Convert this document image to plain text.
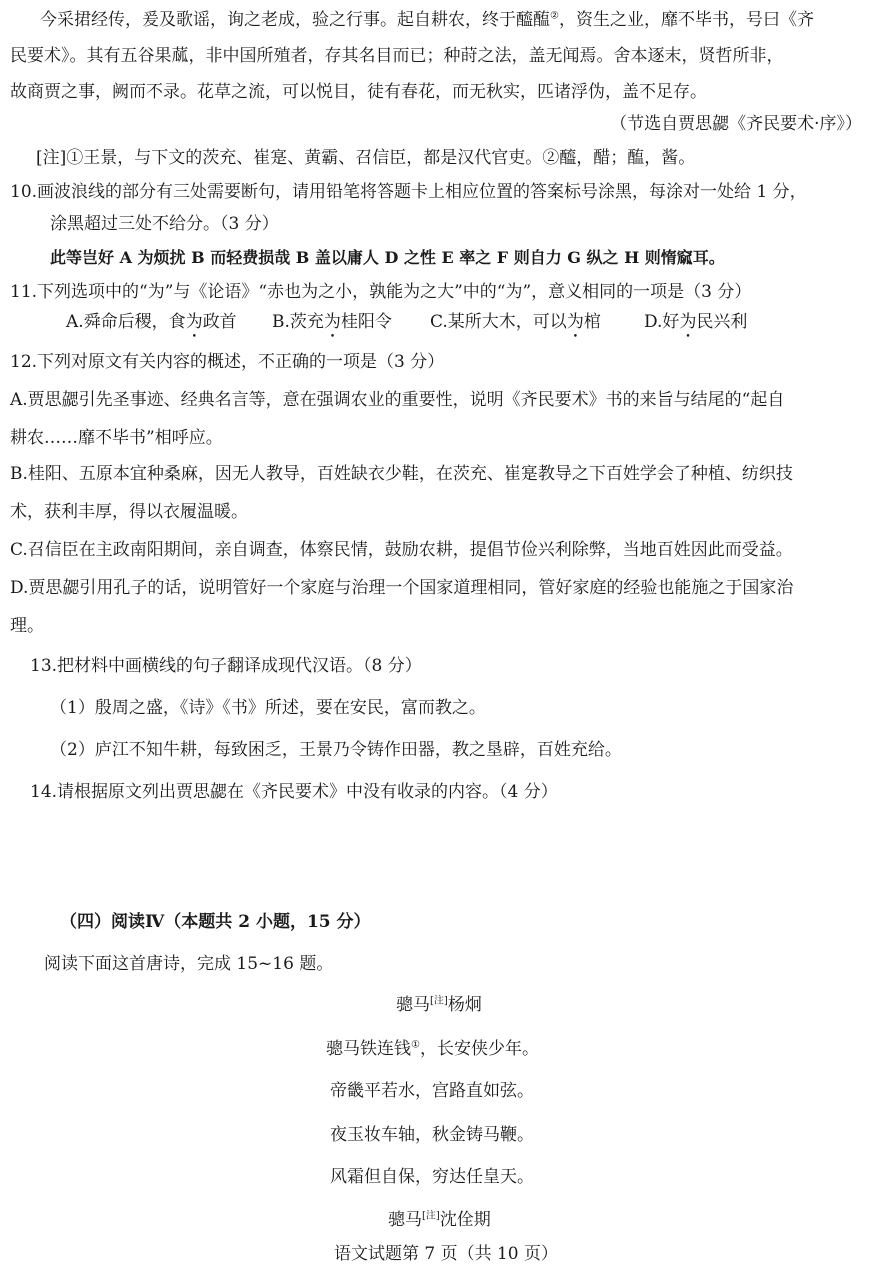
今采捃经传，爰及歌谣，询之老成，验之行事。起自耕农，终于醯醢②，资生之业，靡不毕书，号曰《齐
民要术》。其有五谷果蓏，非中国所殖者，存其名目而已；种莳之法，盖无闻焉。舍本逐末，贤哲所非，
故商贾之事，阙而不录。花草之流，可以悦目，徒有春花，而无秋实，匹诸浮伪，盖不足存。
（节选自贾思勰《齐民要术·序》）
[注]①王景，与下文的茨充、崔寔、黄霸、召信臣，都是汉代官吏。②醯，醋；醢，酱。
10.画波浪线的部分有三处需要断句，请用铅笔将答题卡上相应位置的答案标号涂黑，每涂对一处给 1 分，
涂黑超过三处不给分。（3 分）
此等岂好 A 为烦扰 B 而轻费损哉 B 盖以庸人 D 之性 E 率之 F 则自力 G 纵之 H 则惰窳耳。
11.下列选项中的“为”与《论语》“赤也为之小，孰能为之大”中的“为”，意义相同的一项是（3 分）
A.舜命后稷，食为政首 B.茨充为桂阳令 C.某所大木，可以为棺	D.好为民兴利
12.下列对原文有关内容的概述，不正确的一项是（3 分）
A.贾思勰引先圣事迹、经典名言等，意在强调农业的重要性，说明《齐民要术》书的来旨与结尾的“起自
耕农……靡不毕书”相呼应。
B.桂阳、五原本宜种桑麻，因无人教导，百姓缺衣少鞋，在茨充、崔寔教导之下百姓学会了种植、纺织技
术，获利丰厚，得以衣履温暖。
C.召信臣在主政南阳期间，亲自调查，体察民情，鼓励农耕，提倡节俭兴利除弊，当地百姓因此而受益。
D.贾思勰引用孔子的话，说明管好一个家庭与治理一个国家道理相同，管好家庭的经验也能施之于国家治
理。
13.把材料中画横线的句子翻译成现代汉语。（8 分）
（1）殷周之盛，《诗》《书》所述，要在安民，富而教之。
（2）庐江不知牛耕，每致困乏，王景乃令铸作田器，教之垦辟，百姓充给。
14.请根据原文列出贾思勰在《齐民要术》中没有收录的内容。（4 分）
（四）阅读Ⅳ（本题共 2 小题，15 分）
阅读下面这首唐诗，完成 15~16 题。
骢马[注]杨炯
骢马铁连钱①，长安侠少年。
帝畿平若水，宫路直如弦。
夜玉妆车轴，秋金铸马鞭。
风霜但自保，穷达任皇天。
骢马[注]沈佺期
语文试题第 7 页（共 10 页）
